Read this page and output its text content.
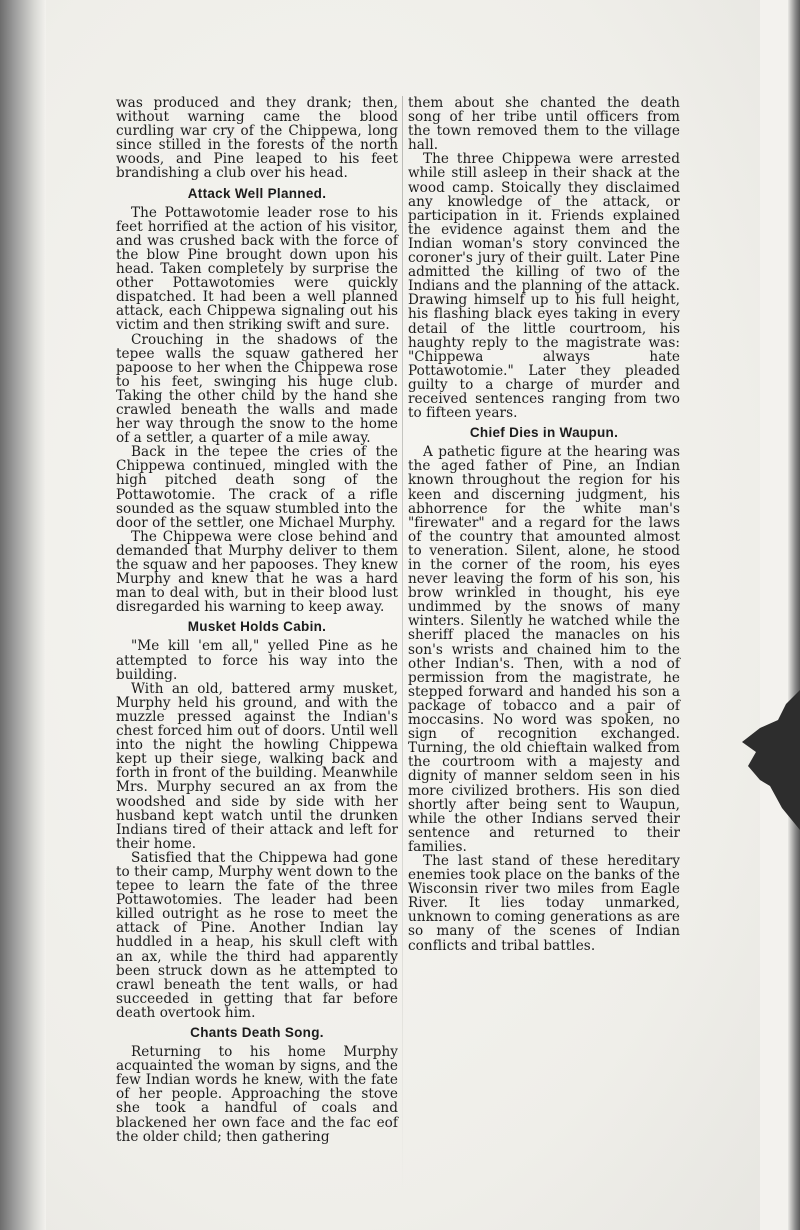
was produced and they drank; then, without warning came the blood curdling war cry of the Chippewa, long since stilled in the forests of the north woods, and Pine leaped to his feet brandishing a club over his head.

Attack Well Planned.

The Pottawotomie leader rose to his feet horrified at the action of his visitor, and was crushed back with the force of the blow Pine brought down upon his head. Taken completely by surprise the other Pottawotomies were quickly dispatched. It had been a well planned attack, each Chippewa signaling out his victim and then striking swift and sure.

Crouching in the shadows of the tepee walls the squaw gathered her papoose to her when the Chippewa rose to his feet, swinging his huge club. Taking the other child by the hand she crawled beneath the walls and made her way through the snow to the home of a settler, a quarter of a mile away.

Back in the tepee the cries of the Chippewa continued, mingled with the high pitched death song of the Pottawotomie. The crack of a rifle sounded as the squaw stumbled into the door of the settler, one Michael Murphy.

The Chippewa were close behind and demanded that Murphy deliver to them the squaw and her papooses. They knew Murphy and knew that he was a hard man to deal with, but in their blood lust disregarded his warning to keep away.

Musket Holds Cabin.

"Me kill 'em all," yelled Pine as he attempted to force his way into the building.

With an old, battered army musket, Murphy held his ground, and with the muzzle pressed against the Indian's chest forced him out of doors. Until well into the night the howling Chippewa kept up their siege, walking back and forth in front of the building. Meanwhile Mrs. Murphy secured an ax from the woodshed and side by side with her husband kept watch until the drunken Indians tired of their attack and left for their home.

Satisfied that the Chippewa had gone to their camp, Murphy went down to the tepee to learn the fate of the three Pottawotomies. The leader had been killed outright as he rose to meet the attack of Pine. Another Indian lay huddled in a heap, his skull cleft with an ax, while the third had apparently been struck down as he attempted to crawl beneath the tent walls, or had succeeded in getting that far before death overtook him.

Chants Death Song.

Returning to his home Murphy acquainted the woman by signs, and the few Indian words he knew, with the fate of her people. Approaching the stove she took a handful of coals and blackened her own face and the fac eof the older child; then gathering

them about she chanted the death song of her tribe until officers from the town removed them to the village hall.

The three Chippewa were arrested while still asleep in their shack at the wood camp. Stoically they disclaimed any knowledge of the attack, or participation in it. Friends explained the evidence against them and the Indian woman's story convinced the coroner's jury of their guilt. Later Pine admitted the killing of two of the Indians and the planning of the attack. Drawing himself up to his full height, his flashing black eyes taking in every detail of the little courtroom, his haughty reply to the magistrate was: "Chippewa always hate Pottawotomie." Later they pleaded guilty to a charge of murder and received sentences ranging from two to fifteen years.

Chief Dies in Waupun.

A pathetic figure at the hearing was the aged father of Pine, an Indian known throughout the region for his keen and discerning judgment, his abhorrence for the white man's "firewater" and a regard for the laws of the country that amounted almost to veneration. Silent, alone, he stood in the corner of the room, his eyes never leaving the form of his son, his brow wrinkled in thought, his eye undimmed by the snows of many winters. Silently he watched while the sheriff placed the manacles on his son's wrists and chained him to the other Indian's. Then, with a nod of permission from the magistrate, he stepped forward and handed his son a package of tobacco and a pair of moccasins. No word was spoken, no sign of recognition exchanged. Turning, the old chieftain walked from the courtroom with a majesty and dignity of manner seldom seen in his more civilized brothers. His son died shortly after being sent to Waupun, while the other Indians served their sentence and returned to their families.

The last stand of these hereditary enemies took place on the banks of the Wisconsin river two miles from Eagle River. It lies today unmarked, unknown to coming generations as are so many of the scenes of Indian conflicts and tribal battles.
